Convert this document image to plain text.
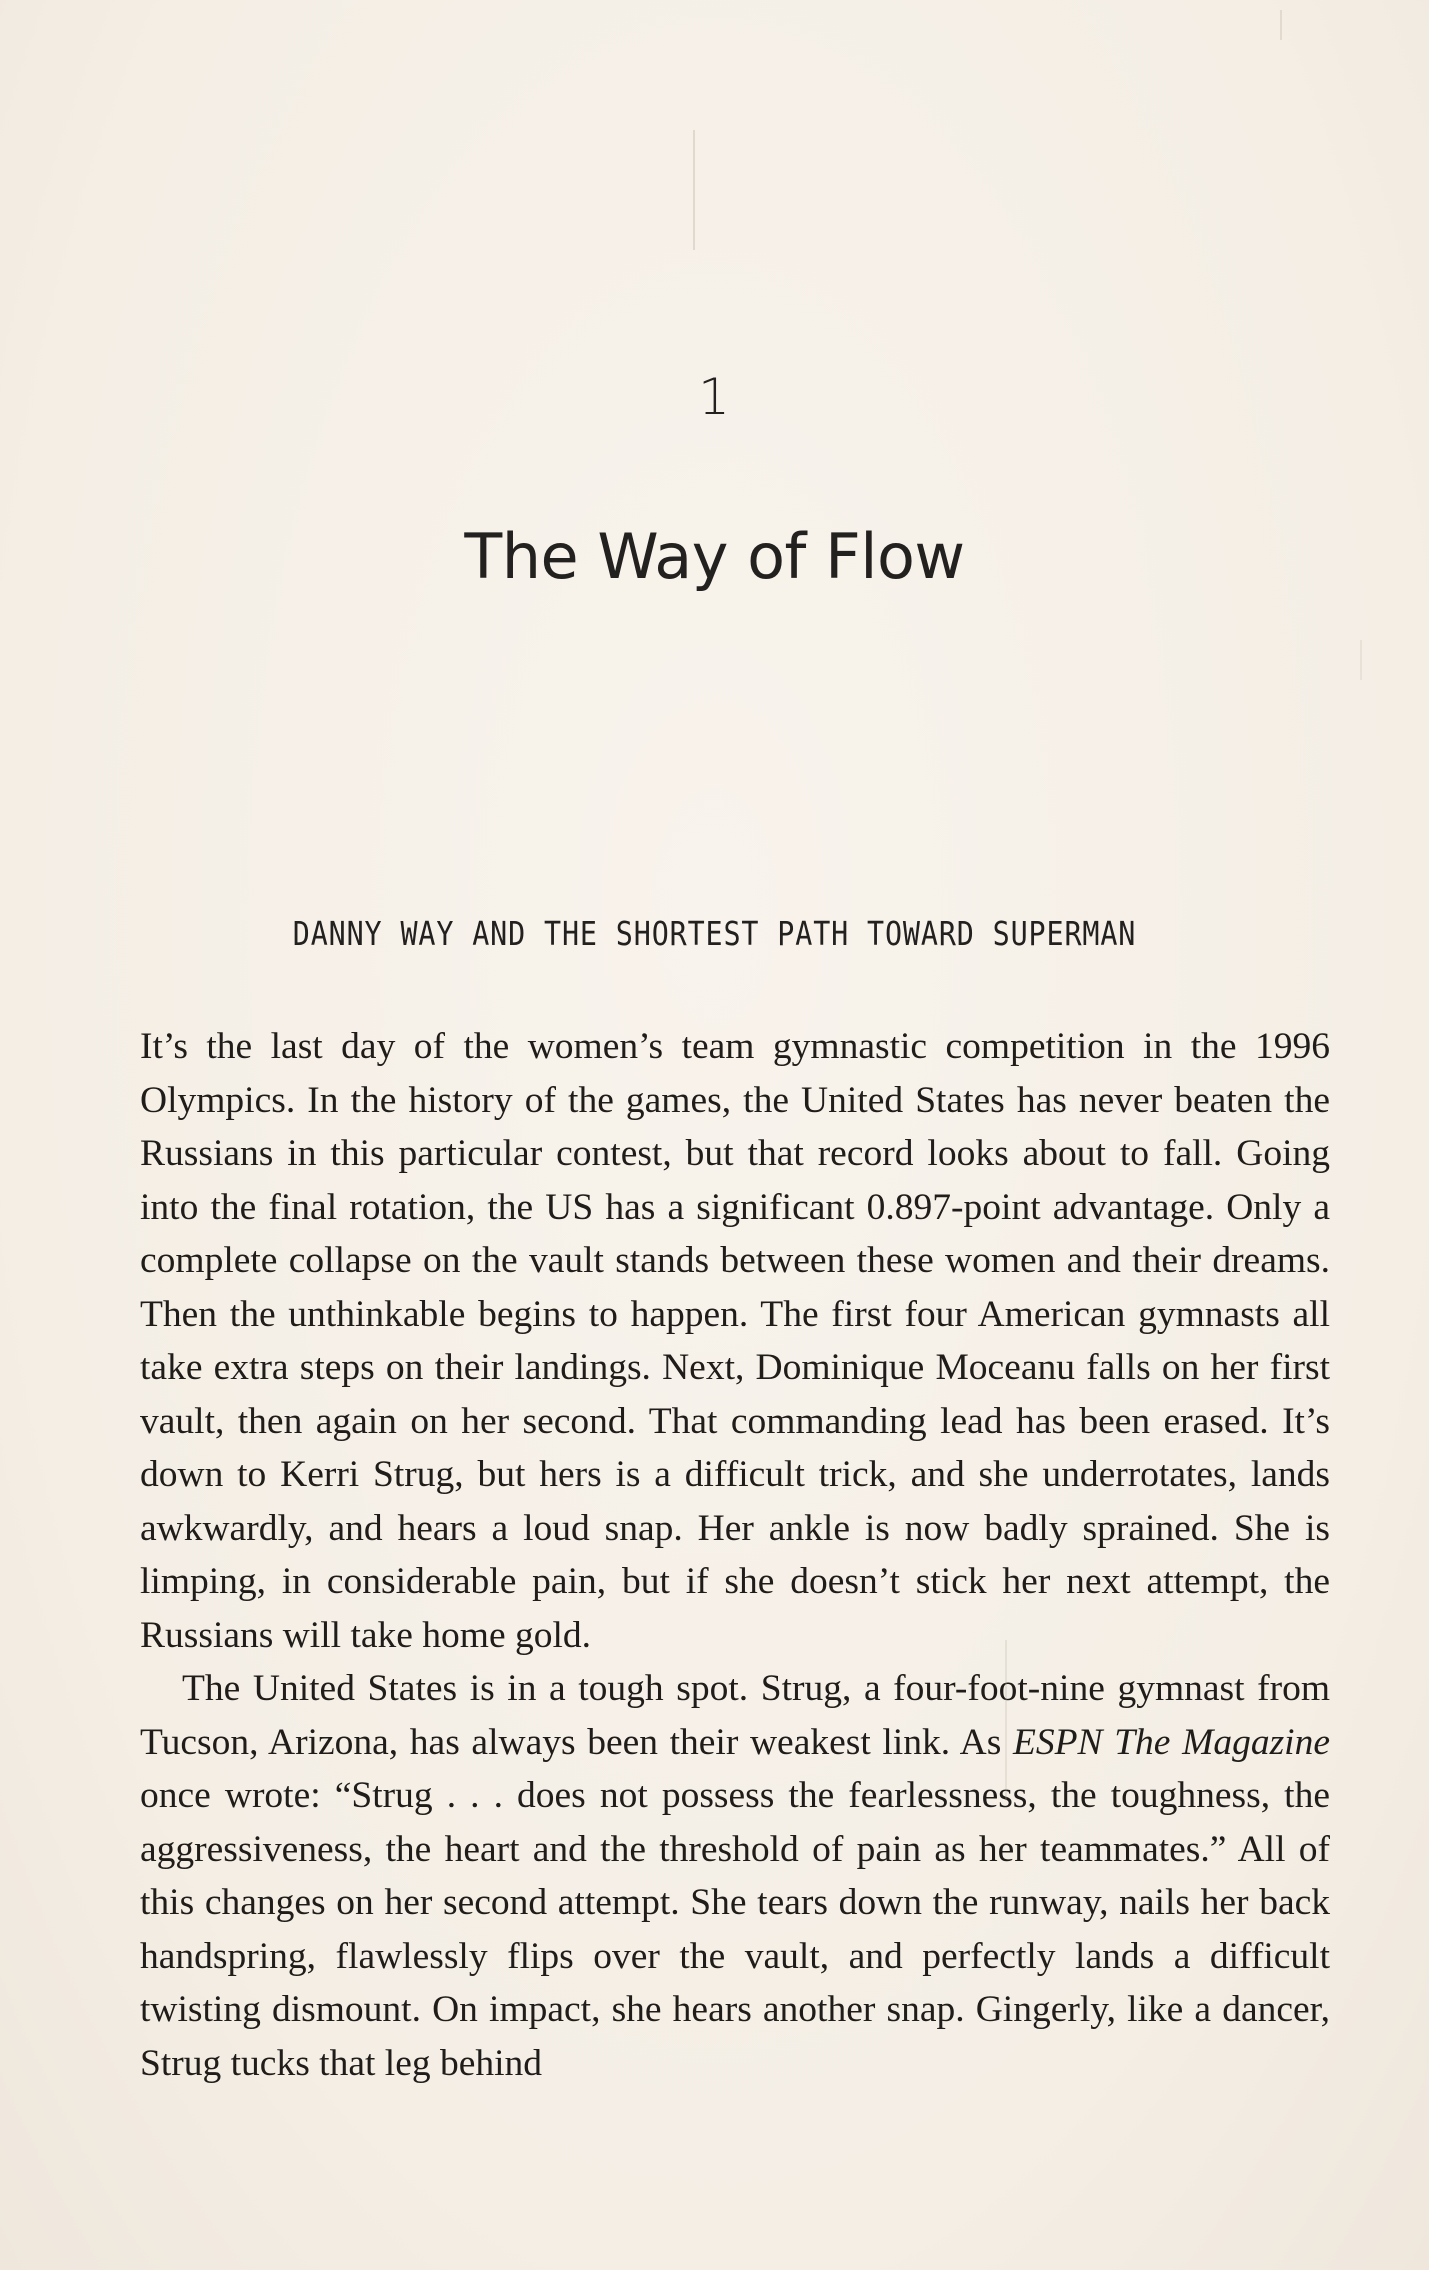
1
The Way of Flow
DANNY WAY AND THE SHORTEST PATH TOWARD SUPERMAN

It’s the last day of the women’s team gymnastic competition in the 1996 Olympics. In the history of the games, the United States has never beaten the Russians in this particular contest, but that record looks about to fall. Going into the final rotation, the US has a significant 0.897-point advantage. Only a complete collapse on the vault stands between these women and their dreams. Then the unthinkable begins to happen. The first four American gymnasts all take extra steps on their landings. Next, Dominique Moceanu falls on her first vault, then again on her second. That commanding lead has been erased. It’s down to Kerri Strug, but hers is a difficult trick, and she underrotates, lands awkwardly, and hears a loud snap. Her ankle is now badly sprained. She is limping, in considerable pain, but if she doesn’t stick her next attempt, the Russians will take home gold.

The United States is in a tough spot. Strug, a four-foot-nine gymnast from Tucson, Arizona, has always been their weakest link. As ESPN The Magazine once wrote: “Strug . . . does not possess the fearlessness, the toughness, the aggressiveness, the heart and the threshold of pain as her teammates.” All of this changes on her second attempt. She tears down the runway, nails her back handspring, flawlessly flips over the vault, and perfectly lands a difficult twisting dismount. On impact, she hears another snap. Gingerly, like a dancer, Strug tucks that leg behind
